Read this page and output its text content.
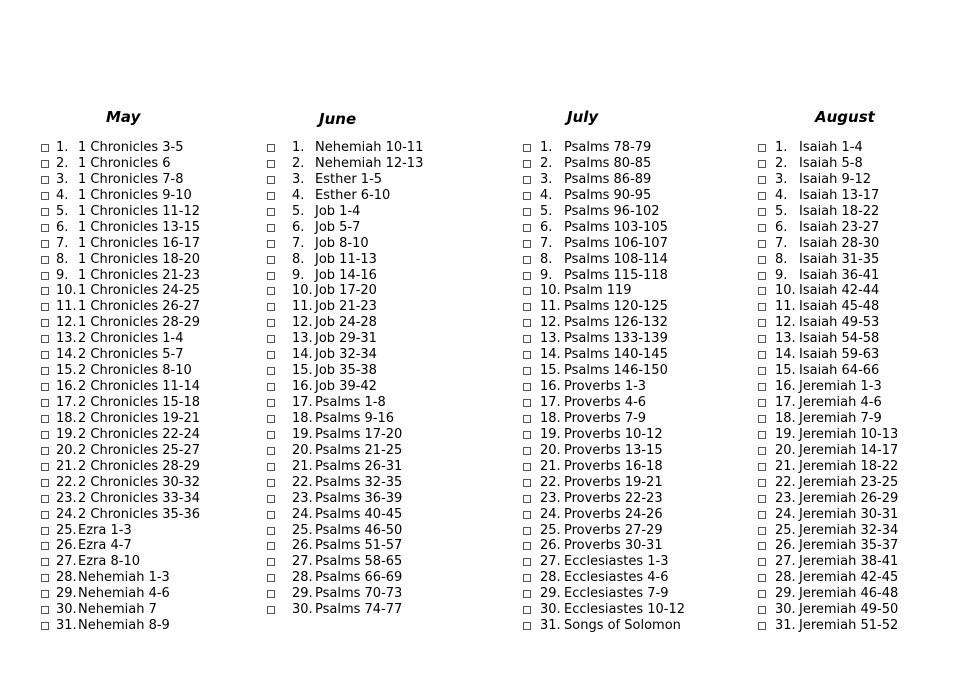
May
1. 1 Chronicles 3-5
2. 1 Chronicles 6
3. 1 Chronicles 7-8
4. 1 Chronicles 9-10
5. 1 Chronicles 11-12
6. 1 Chronicles 13-15
7. 1 Chronicles 16-17
8. 1 Chronicles 18-20
9. 1 Chronicles 21-23
10. 1 Chronicles 24-25
11. 1 Chronicles 26-27
12. 1 Chronicles 28-29
13. 2 Chronicles 1-4
14. 2 Chronicles 5-7
15. 2 Chronicles 8-10
16. 2 Chronicles 11-14
17. 2 Chronicles 15-18
18. 2 Chronicles 19-21
19. 2 Chronicles 22-24
20. 2 Chronicles 25-27
21. 2 Chronicles 28-29
22. 2 Chronicles 30-32
23. 2 Chronicles 33-34
24. 2 Chronicles 35-36
25. Ezra 1-3
26. Ezra 4-7
27. Ezra 8-10
28. Nehemiah 1-3
29. Nehemiah 4-6
30. Nehemiah 7
31. Nehemiah 8-9
June
1. Nehemiah 10-11
2. Nehemiah 12-13
3. Esther 1-5
4. Esther 6-10
5. Job 1-4
6. Job 5-7
7. Job 8-10
8. Job 11-13
9. Job 14-16
10. Job 17-20
11. Job 21-23
12. Job 24-28
13. Job 29-31
14. Job 32-34
15. Job 35-38
16. Job 39-42
17. Psalms 1-8
18. Psalms 9-16
19. Psalms 17-20
20. Psalms 21-25
21. Psalms 26-31
22. Psalms 32-35
23. Psalms 36-39
24. Psalms 40-45
25. Psalms 46-50
26. Psalms 51-57
27. Psalms 58-65
28. Psalms 66-69
29. Psalms 70-73
30. Psalms 74-77
July
1. Psalms 78-79
2. Psalms 80-85
3. Psalms 86-89
4. Psalms 90-95
5. Psalms 96-102
6. Psalms 103-105
7. Psalms 106-107
8. Psalms 108-114
9. Psalms 115-118
10. Psalm 119
11. Psalms 120-125
12. Psalms 126-132
13. Psalms 133-139
14. Psalms 140-145
15. Psalms 146-150
16. Proverbs 1-3
17. Proverbs 4-6
18. Proverbs 7-9
19. Proverbs 10-12
20. Proverbs 13-15
21. Proverbs 16-18
22. Proverbs 19-21
23. Proverbs 22-23
24. Proverbs 24-26
25. Proverbs 27-29
26. Proverbs 30-31
27. Ecclesiastes 1-3
28. Ecclesiastes 4-6
29. Ecclesiastes 7-9
30. Ecclesiastes 10-12
31. Songs of Solomon
August
1. Isaiah 1-4
2. Isaiah 5-8
3. Isaiah 9-12
4. Isaiah 13-17
5. Isaiah 18-22
6. Isaiah 23-27
7. Isaiah 28-30
8. Isaiah 31-35
9. Isaiah 36-41
10. Isaiah 42-44
11. Isaiah 45-48
12. Isaiah 49-53
13. Isaiah 54-58
14. Isaiah 59-63
15. Isaiah 64-66
16. Jeremiah 1-3
17. Jeremiah 4-6
18. Jeremiah 7-9
19. Jeremiah 10-13
20. Jeremiah 14-17
21. Jeremiah 18-22
22. Jeremiah 23-25
23. Jeremiah 26-29
24. Jeremiah 30-31
25. Jeremiah 32-34
26. Jeremiah 35-37
27. Jeremiah 38-41
28. Jeremiah 42-45
29. Jeremiah 46-48
30. Jeremiah 49-50
31. Jeremiah 51-52
